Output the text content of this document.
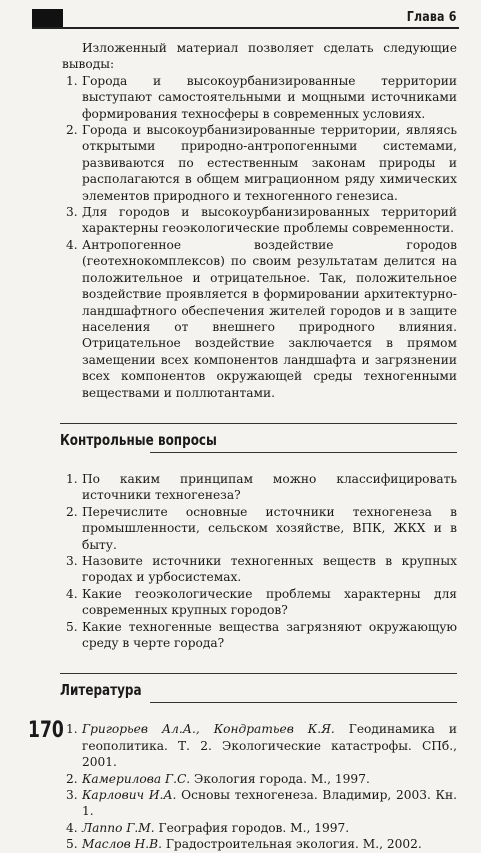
Глава 6

Изложенный материал позволяет сделать следующие выводы:

1. Города и высокоурбанизированные территории выступают самостоятельными и мощными источниками формирования техносферы в современных условиях.
2. Города и высокоурбанизированные территории, являясь открытыми природно-антропогенными системами, развиваются по естественным законам природы и располагаются в общем миграционном ряду химических элементов природного и техногенного генезиса.
3. Для городов и высокоурбанизированных территорий характерны геоэкологические проблемы современности.
4. Антропогенное воздействие городов (геотехнокомплексов) по своим результатам делится на положительное и отрицательное. Так, положительное воздействие проявляется в формировании архитектурно-ландшафтного обеспечения жителей городов и в защите населения от внешнего природного влияния. Отрицательное воздействие заключается в прямом замещении всех компонентов ландшафта и загрязнении всех компонентов окружающей среды техногенными веществами и поллютантами.
Контрольные вопросы
1. По каким принципам можно классифицировать источники техногенеза?
2. Перечислите основные источники техногенеза в промышленности, сельском хозяйстве, ВПК, ЖКХ и в быту.
3. Назовите источники техногенных веществ в крупных городах и урбосистемах.
4. Какие геоэкологические проблемы характерны для современных крупных городов?
5. Какие техногенные вещества загрязняют окружающую среду в черте города?
Литература
1. Григорьев Ал.А., Кондратьев К.Я. Геодинамика и геополитика. Т. 2. Экологические катастрофы. СПб., 2001.
2. Камерилова Г.С. Экология города. М., 1997.
3. Карлович И.А. Основы техногенеза. Владимир, 2003. Кн. 1.
4. Лаппо Г.М. География городов. М., 1997.
5. Маслов Н.В. Градостроительная экология. М., 2002.
170
